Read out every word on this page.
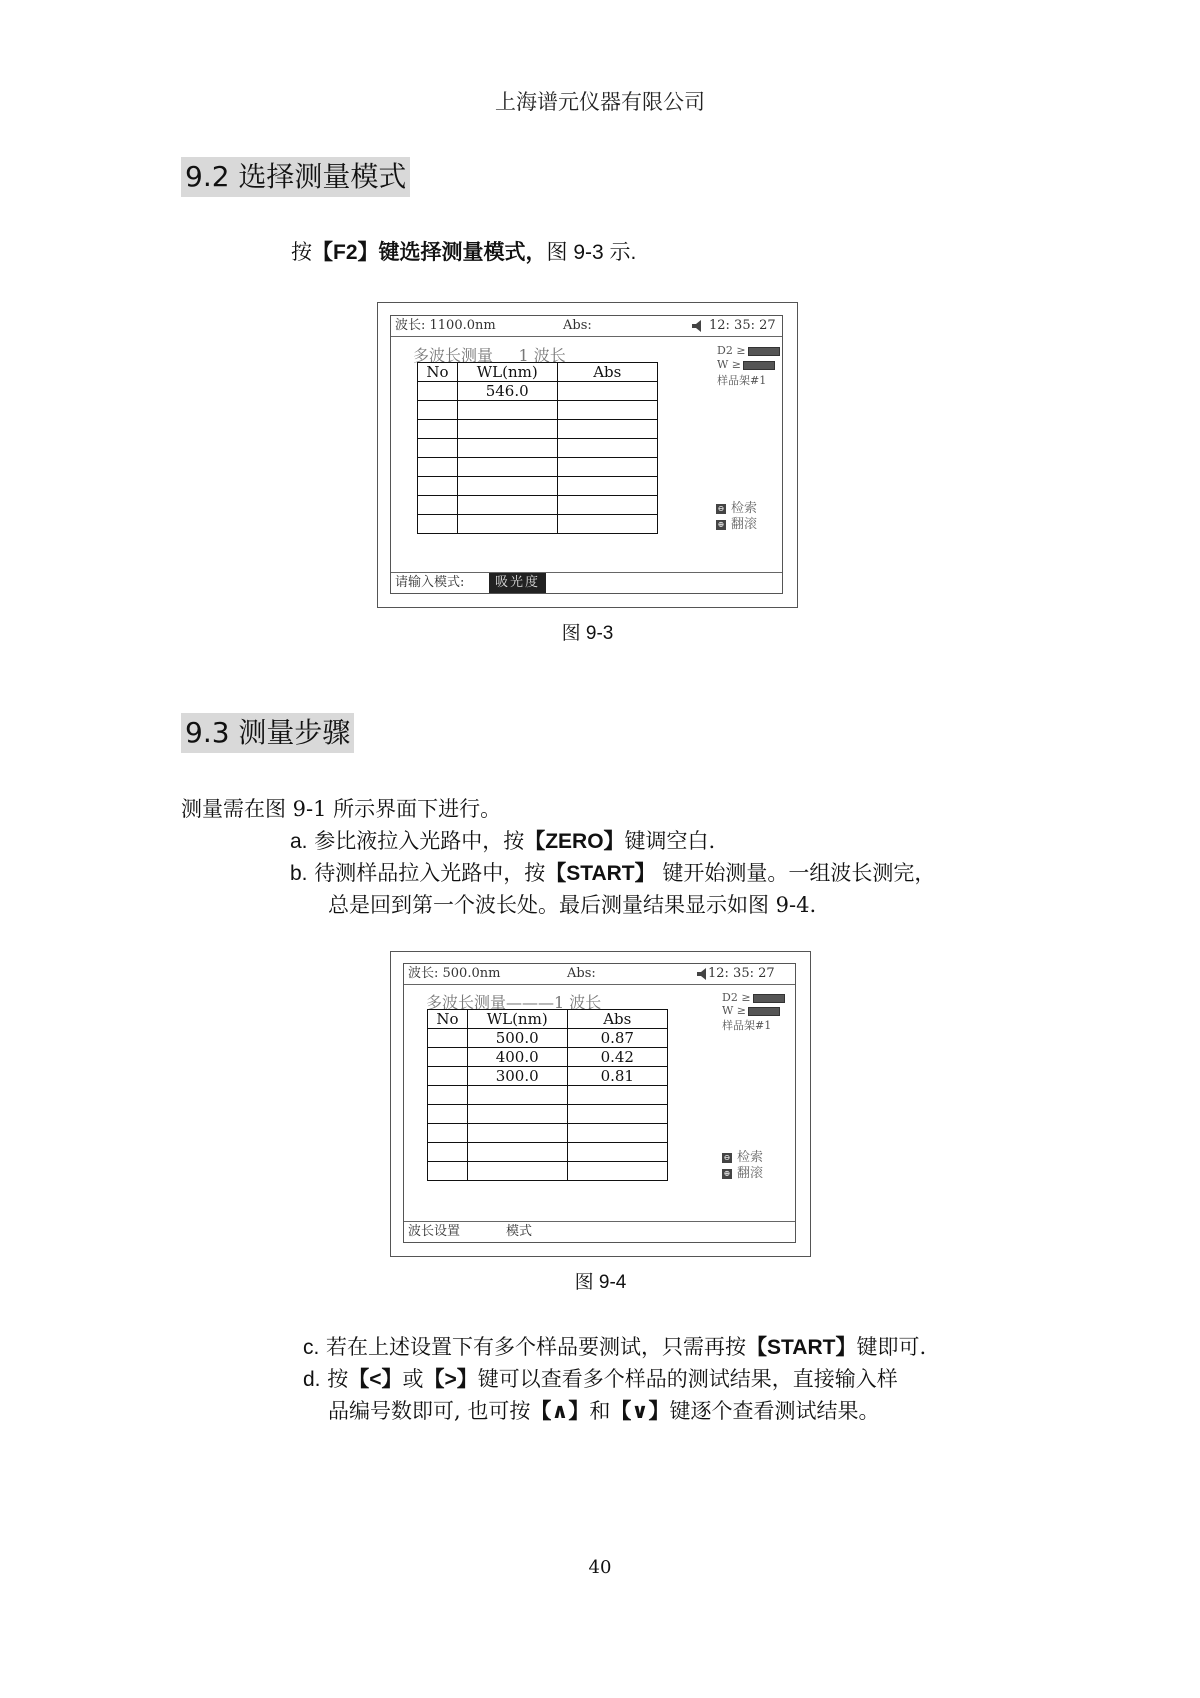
上海谱元仪器有限公司
9.2 选择测量模式
按【F2】键选择测量模式，图 9-3 示.
波长: 1100.0nm	Abs:	12: 35: 27
多波长测量 1 波长
No	WL(nm)	Abs
	546.0	

D2 ≥
W ≥
样品架#1
⊖ 检索
⊕ 翻滚
请输入模式:	吸光度
图 9-3
9.3 测量步骤
测量需在图 9-1 所示界面下进行。
a. 参比液拉入光路中，按【ZERO】键调空白.
b. 待测样品拉入光路中，按【START】 键开始测量。一组波长测完，
总是回到第一个波长处。最后测量结果显示如图 9-4.
波长: 500.0nm	Abs:	12: 35: 27
多波长测量———1 波长
No	WL(nm)	Abs
	500.0	0.87
	400.0	0.42
	300.0	0.81

D2 ≥
W ≥
样品架#1
⊖ 检索
⊕ 翻滚
波长设置	模式
图 9-4
c. 若在上述设置下有多个样品要测试，只需再按【START】键即可.
d. 按【<】或【>】键可以查看多个样品的测试结果，直接输入样
品编号数即可, 也可按【∧】和【∨】键逐个查看测试结果。
40
